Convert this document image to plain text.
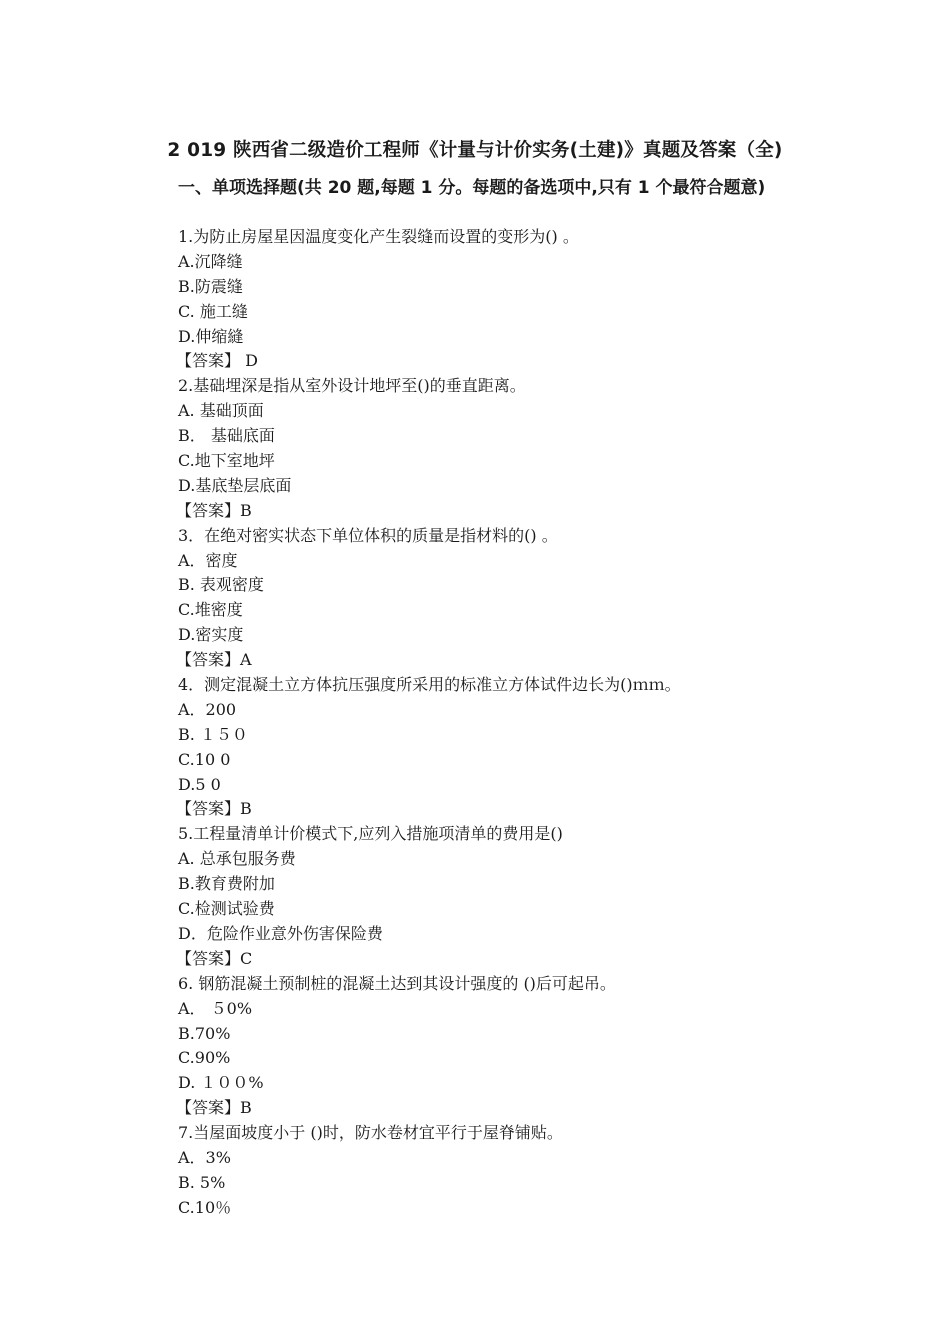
2 019 陕西省二级造价工程师《计量与计价实务(土建)》真题及答案（全)
一、单项选择题(共 20 题,每题 1 分。每题的备选项中,只有 1 个最符合题意)
1.为防止房屋星因温度变化产生裂缝而设置的变形为() 。
A.沉降缝
B.防震缝
C. 施工缝
D.伸缩縫
【答案】 D
2.基础埋深是指从室外设计地坪至()的垂直距离。
A. 基础顶面
B． 基础底面
C.地下室地坪
D.基底垫层底面
【答案】B
3．在绝对密实状态下单位体积的质量是指材料的() 。
A．密度
B. 表观密度
C.堆密度
D.密实度
【答案】A
4．测定混凝土立方体抗压强度所采用的标准立方体试件边长为()ｍｍ。
A．200
B. １５０
C.10 0
D.5 0
【答案】B
5.工程量清单计价模式下,应列入措施项清单的费用是()
A. 总承包服务费
B.教育费附加
C.检测试验费
D．危险作业意外伤害保险费
【答案】C
6. 钢筋混凝土预制桩的混凝土达到其设计强度的 ()后可起吊。
A． ５0%
B.70%
C.90%
D. １００%
【答案】B
7.当屋面坡度小于 ()时，防水卷材宜平行于屋脊铺贴。
A．3%
B. 5%
C.10％
